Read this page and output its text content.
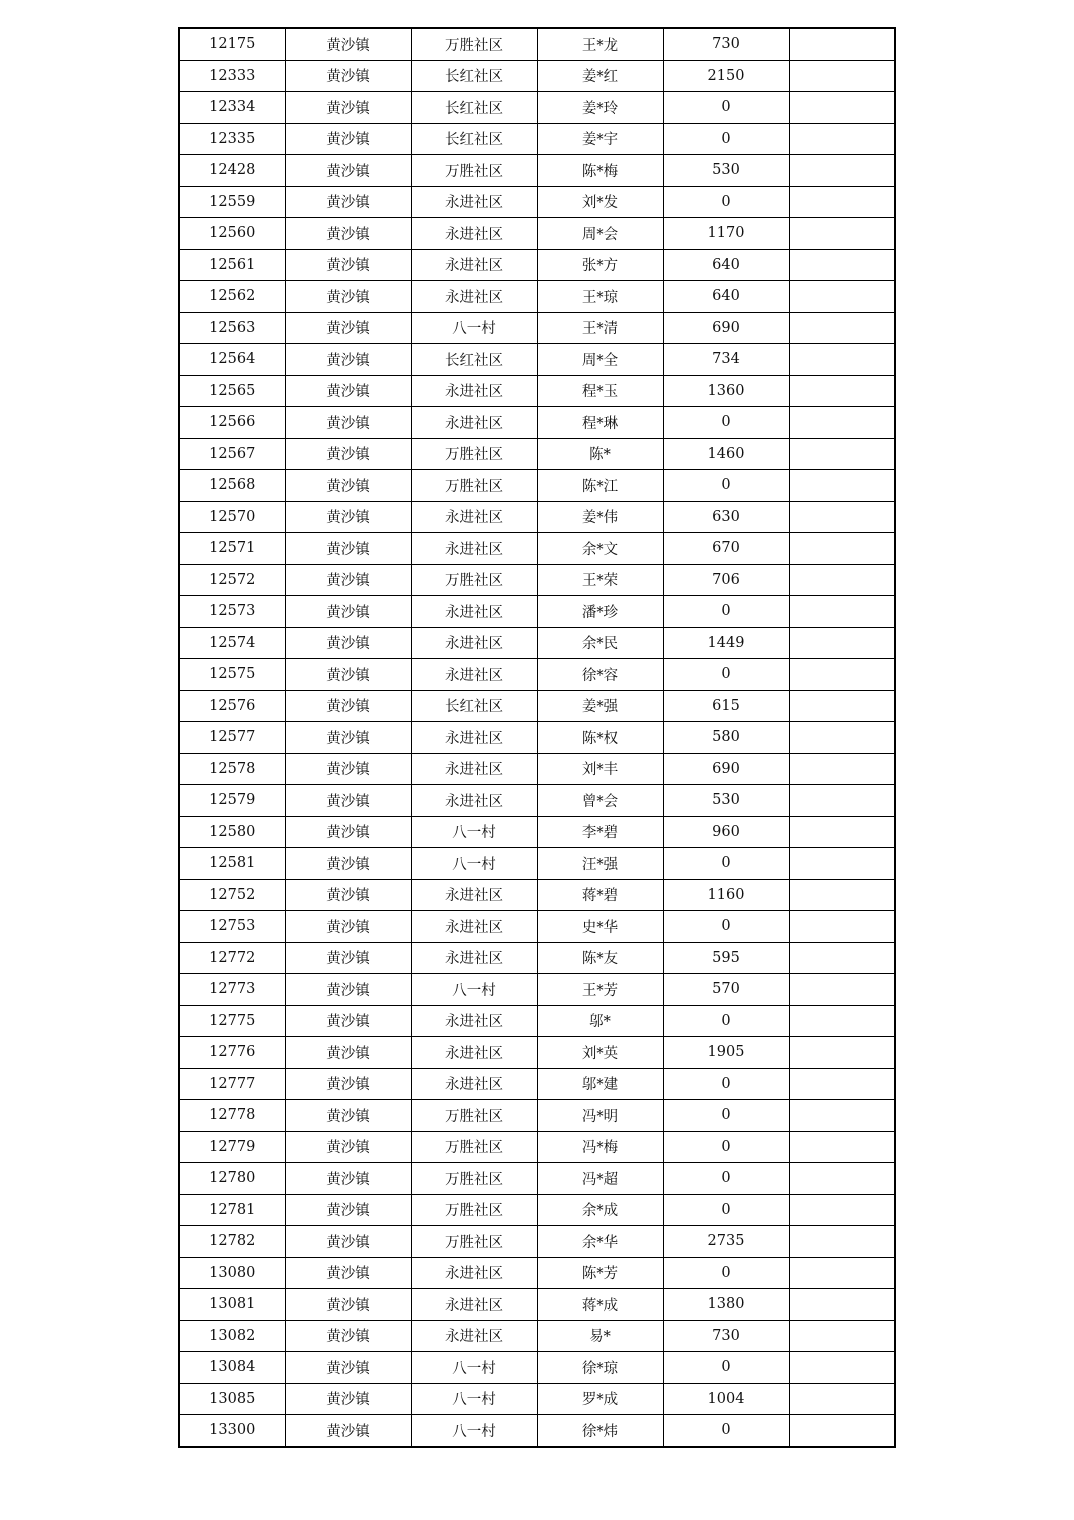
12175	黄沙镇	万胜社区	王*龙	730	
12333	黄沙镇	长红社区	姜*红	2150	
12334	黄沙镇	长红社区	姜*玲	0	
12335	黄沙镇	长红社区	姜*宇	0	
12428	黄沙镇	万胜社区	陈*梅	530	
12559	黄沙镇	永进社区	刘*发	0	
12560	黄沙镇	永进社区	周*会	1170	
12561	黄沙镇	永进社区	张*方	640	
12562	黄沙镇	永进社区	王*琼	640	
12563	黄沙镇	八一村	王*清	690	
12564	黄沙镇	长红社区	周*全	734	
12565	黄沙镇	永进社区	程*玉	1360	
12566	黄沙镇	永进社区	程*琳	0	
12567	黄沙镇	万胜社区	陈*	1460	
12568	黄沙镇	万胜社区	陈*江	0	
12570	黄沙镇	永进社区	姜*伟	630	
12571	黄沙镇	永进社区	余*文	670	
12572	黄沙镇	万胜社区	王*荣	706	
12573	黄沙镇	永进社区	潘*珍	0	
12574	黄沙镇	永进社区	余*民	1449	
12575	黄沙镇	永进社区	徐*容	0	
12576	黄沙镇	长红社区	姜*强	615	
12577	黄沙镇	永进社区	陈*权	580	
12578	黄沙镇	永进社区	刘*丰	690	
12579	黄沙镇	永进社区	曾*会	530	
12580	黄沙镇	八一村	李*碧	960	
12581	黄沙镇	八一村	汪*强	0	
12752	黄沙镇	永进社区	蒋*碧	1160	
12753	黄沙镇	永进社区	史*华	0	
12772	黄沙镇	永进社区	陈*友	595	
12773	黄沙镇	八一村	王*芳	570	
12775	黄沙镇	永进社区	邬*	0	
12776	黄沙镇	永进社区	刘*英	1905	
12777	黄沙镇	永进社区	邬*建	0	
12778	黄沙镇	万胜社区	冯*明	0	
12779	黄沙镇	万胜社区	冯*梅	0	
12780	黄沙镇	万胜社区	冯*超	0	
12781	黄沙镇	万胜社区	余*成	0	
12782	黄沙镇	万胜社区	余*华	2735	
13080	黄沙镇	永进社区	陈*芳	0	
13081	黄沙镇	永进社区	蒋*成	1380	
13082	黄沙镇	永进社区	易*	730	
13084	黄沙镇	八一村	徐*琼	0	
13085	黄沙镇	八一村	罗*成	1004	
13300	黄沙镇	八一村	徐*炜	0	
